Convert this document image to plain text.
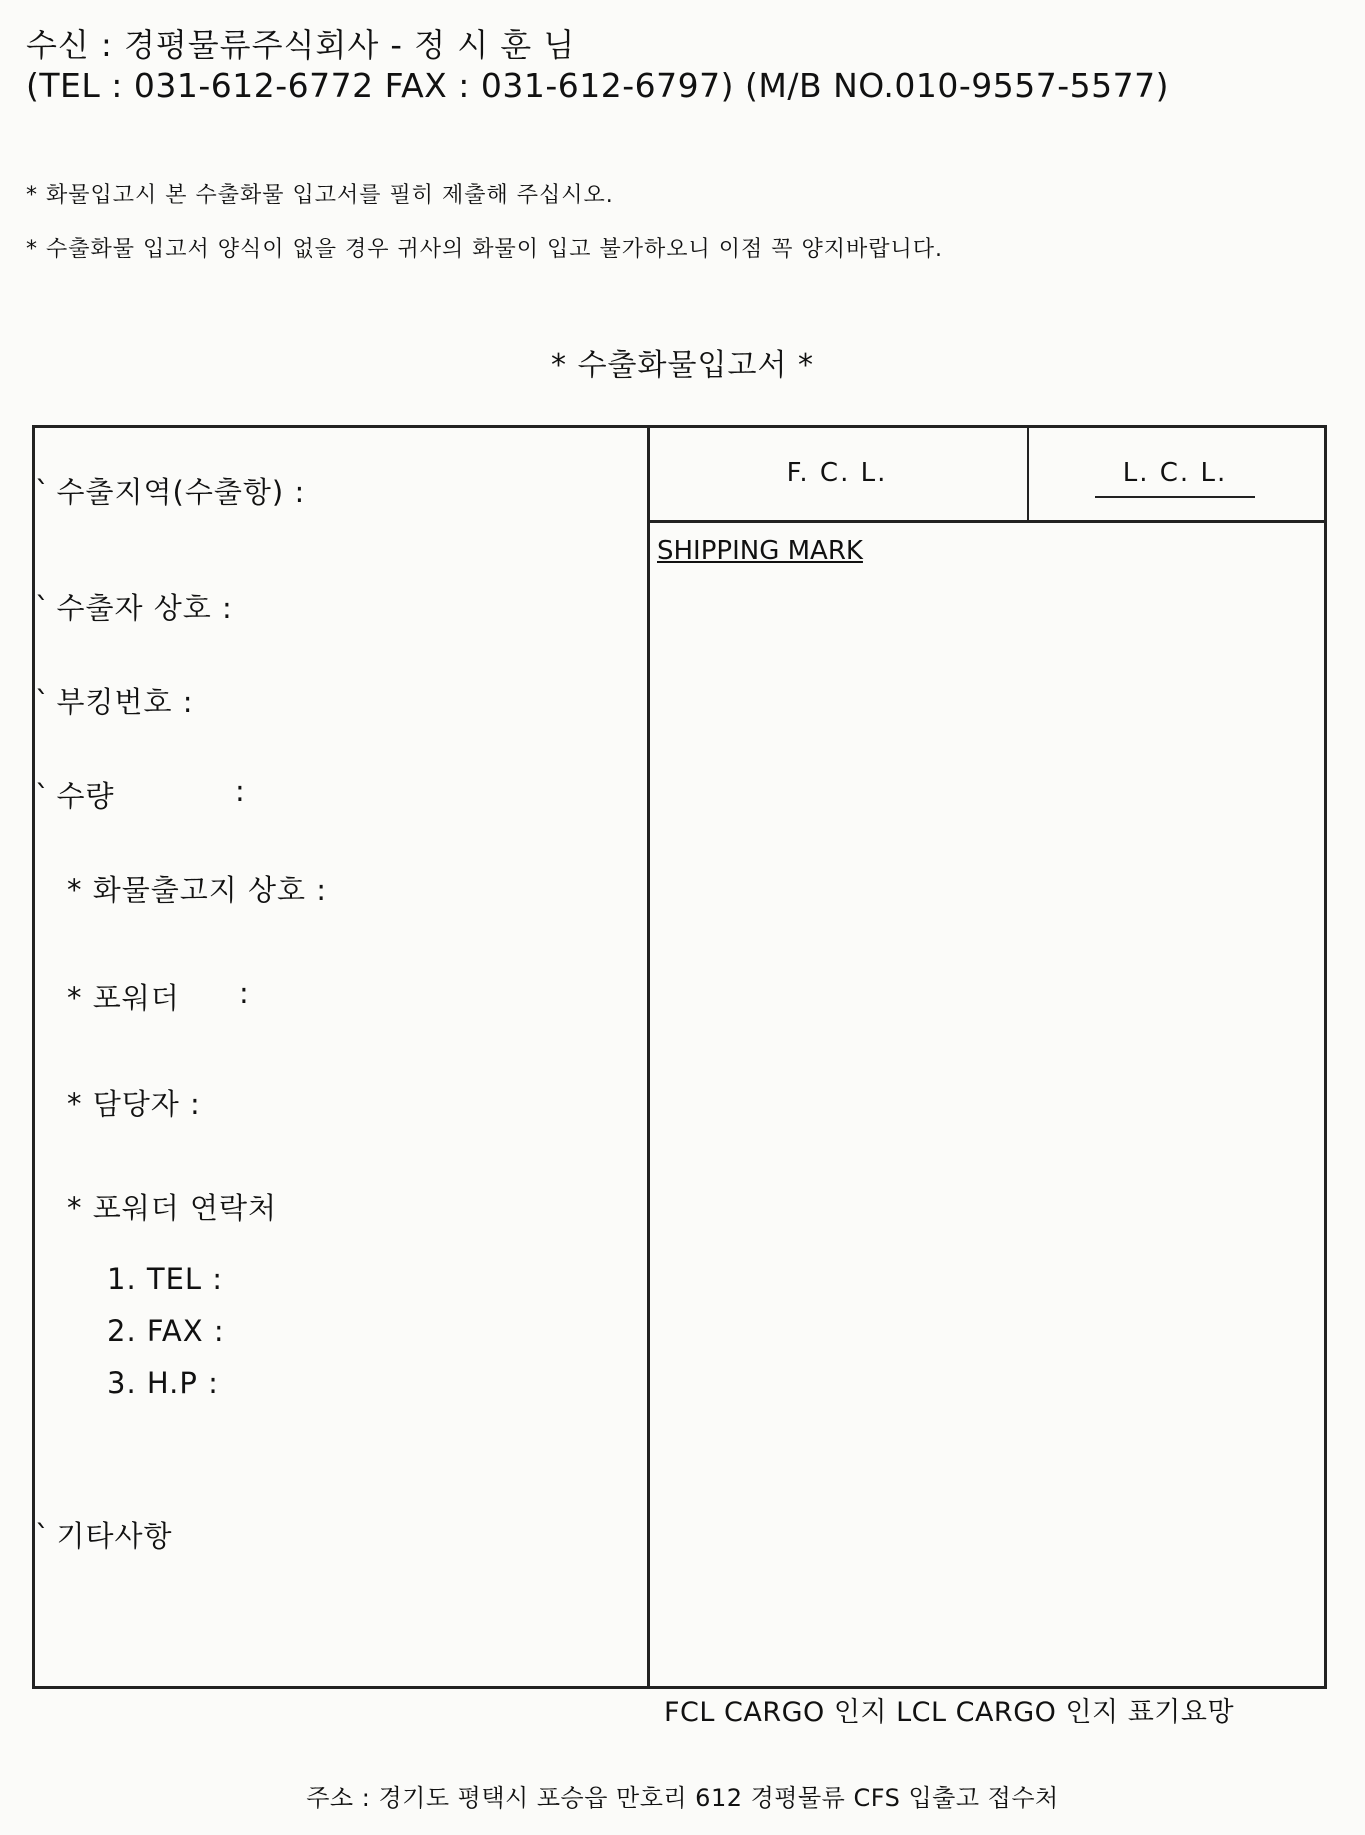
수신 : 경평물류주식회사 - 정 시 훈 님
(TEL : 031-612-6772 FAX : 031-612-6797) (M/B NO.010-9557-5577)
* 화물입고시 본 수출화물 입고서를 필히 제출해 주십시오.
* 수출화물 입고서 양식이 없을 경우 귀사의 화물이 입고 불가하오니 이점 꼭 양지바랍니다.
* 수출화물입고서 *
F. C. L.	L. C. L.
SHIPPING MARK
` 수출지역(수출항) :
` 수출자 상호 :
` 부킹번호 :
` 수량	:
* 화물출고지 상호 :
* 포워더 :
* 담당자 :
* 포워더 연락처
1. TEL :
2. FAX :
3. H.P :
` 기타사항
FCL CARGO 인지 LCL CARGO 인지 표기요망
주소 : 경기도 평택시 포승읍 만호리 612 경평물류 CFS 입출고 접수처
